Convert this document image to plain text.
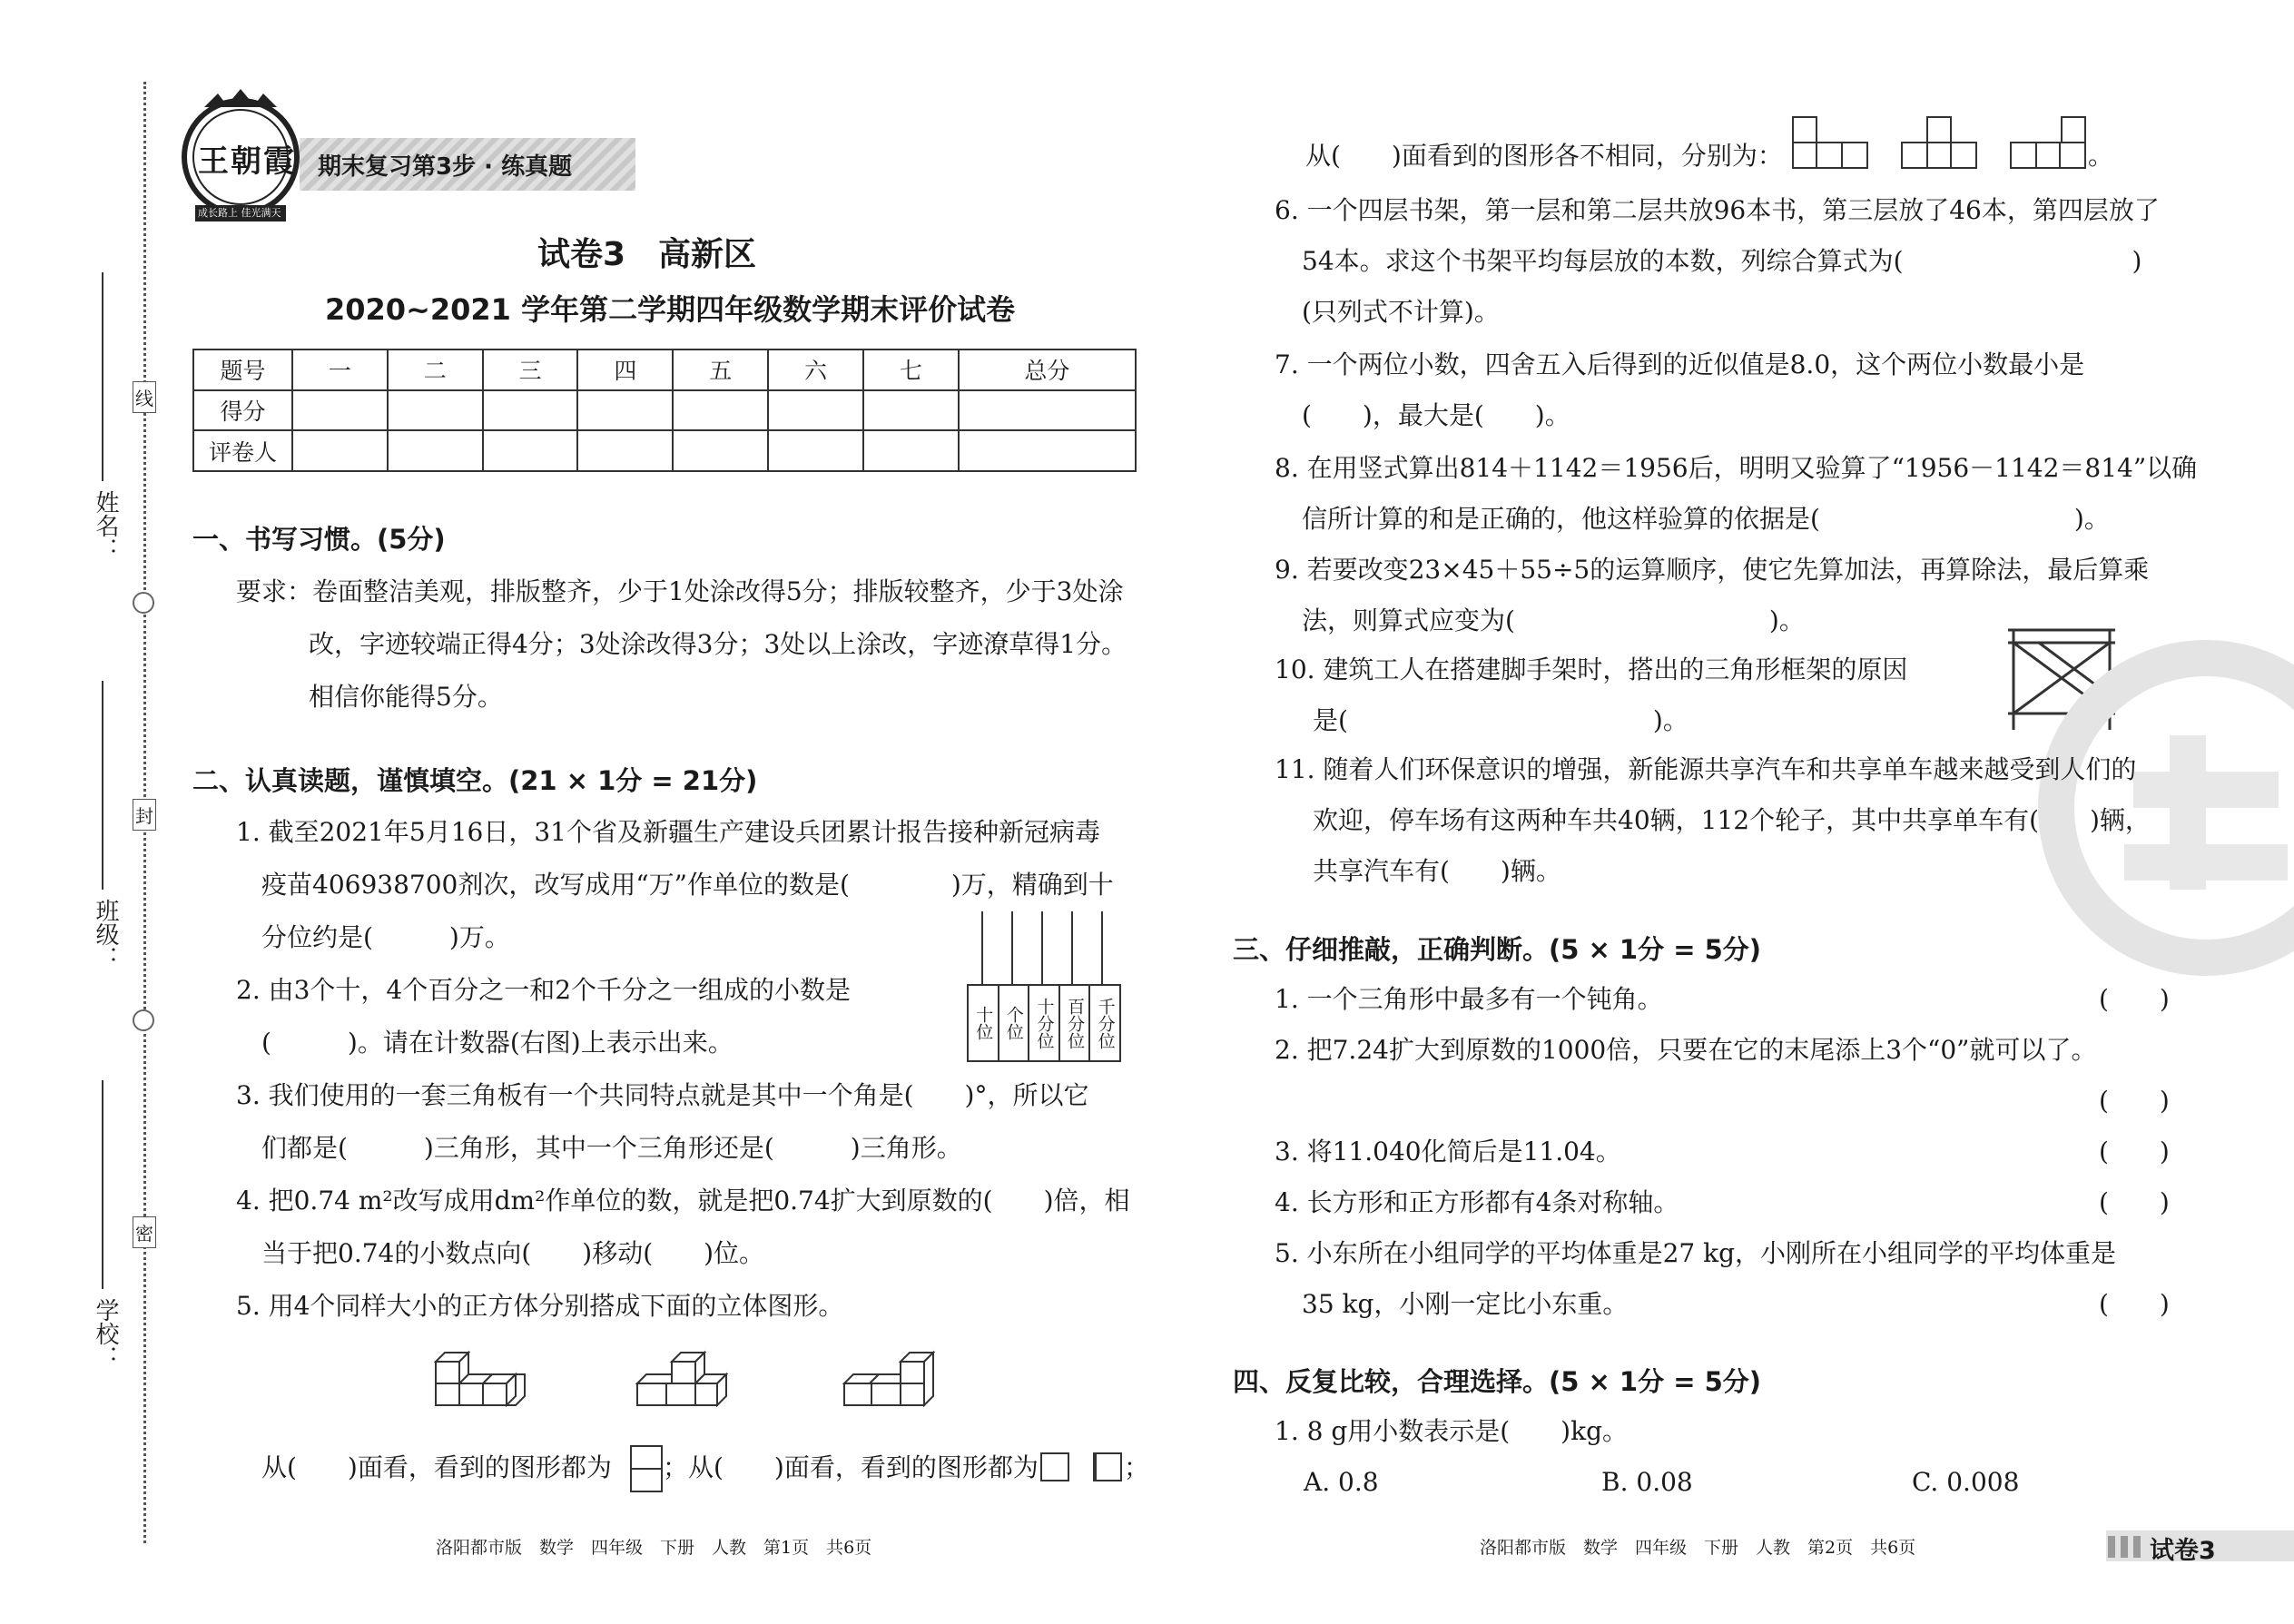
姓名：
班级：
学校：
线
封
密
王朝霞
成长路上 佳光满天
期末复习第3步 · 练真题
试卷3　高新区
2020~2021 学年第二学期四年级数学期末评价试卷
题号	一	二	三	四	五	六	七	总分
得分								
评卷人								
一、书写习惯。(5分)
要求：卷面整洁美观，排版整齐，少于1处涂改得5分；排版较整齐，少于3处涂
改，字迹较端正得4分；3处涂改得3分；3处以上涂改，字迹潦草得1分。
相信你能得5分。
二、认真读题，谨慎填空。(21 × 1分 = 21分)
1. 截至2021年5月16日，31个省及新疆生产建设兵团累计报告接种新冠病毒
疫苗406938700剂次，改写成用“万”作单位的数是(　　　　)万，精确到十
分位约是(　　　)万。
2. 由3个十，4个百分之一和2个千分之一组成的小数是
(　　　)。请在计数器(右图)上表示出来。
十位 个位 十分位 百分位 千分位
3. 我们使用的一套三角板有一个共同特点就是其中一个角是(　　)°，所以它
们都是(　　　)三角形，其中一个三角形还是(　　　)三角形。
4. 把0.74 m²改写成用dm²作单位的数，就是把0.74扩大到原数的(　　)倍，相
当于把0.74的小数点向(　　)移动(　　)位。
5. 用4个同样大小的正方体分别搭成下面的立体图形。
从(　　)面看，看到的图形都为 ；从(　　)面看，看到的图形都为	；
从(　　)面看到的图形各不相同，分别为：	。
6. 一个四层书架，第一层和第二层共放96本书，第三层放了46本，第四层放了
54本。求这个书架平均每层放的本数，列综合算式为(　　　　　　　　　)
(只列式不计算)。
7. 一个两位小数，四舍五入后得到的近似值是8.0，这个两位小数最小是
(　　)，最大是(　　)。
8. 在用竖式算出814＋1142＝1956后，明明又验算了“1956－1142＝814”以确
信所计算的和是正确的，他这样验算的依据是(　　　　　　　　　　)。
9. 若要改变23×45＋55÷5的运算顺序，使它先算加法，再算除法，最后算乘
法，则算式应变为(　　　　　　　　　　)。
10. 建筑工人在搭建脚手架时，搭出的三角形框架的原因
是(　　　　　　　　　　　　)。
11. 随着人们环保意识的增强，新能源共享汽车和共享单车越来越受到人们的
欢迎，停车场有这两种车共40辆，112个轮子，其中共享单车有(　　)辆，
共享汽车有(　　)辆。
三、仔细推敲，正确判断。(5 × 1分 = 5分)
1. 一个三角形中最多有一个钝角。	(　　)
2. 把7.24扩大到原数的1000倍，只要在它的末尾添上3个“0”就可以了。
(　　)
3. 将11.040化简后是11.04。	(　　)
4. 长方形和正方形都有4条对称轴。	(　　)
5. 小东所在小组同学的平均体重是27 kg，小刚所在小组同学的平均体重是
35 kg，小刚一定比小东重。	(　　)
四、反复比较，合理选择。(5 × 1分 = 5分)
1. 8 g用小数表示是(　　)kg。
A. 0.8	B. 0.08	C. 0.008
洛阳都市版　数学　四年级　下册　人教　第1页　共6页	洛阳都市版　数学　四年级　下册　人教　第2页　共6页	试卷3
